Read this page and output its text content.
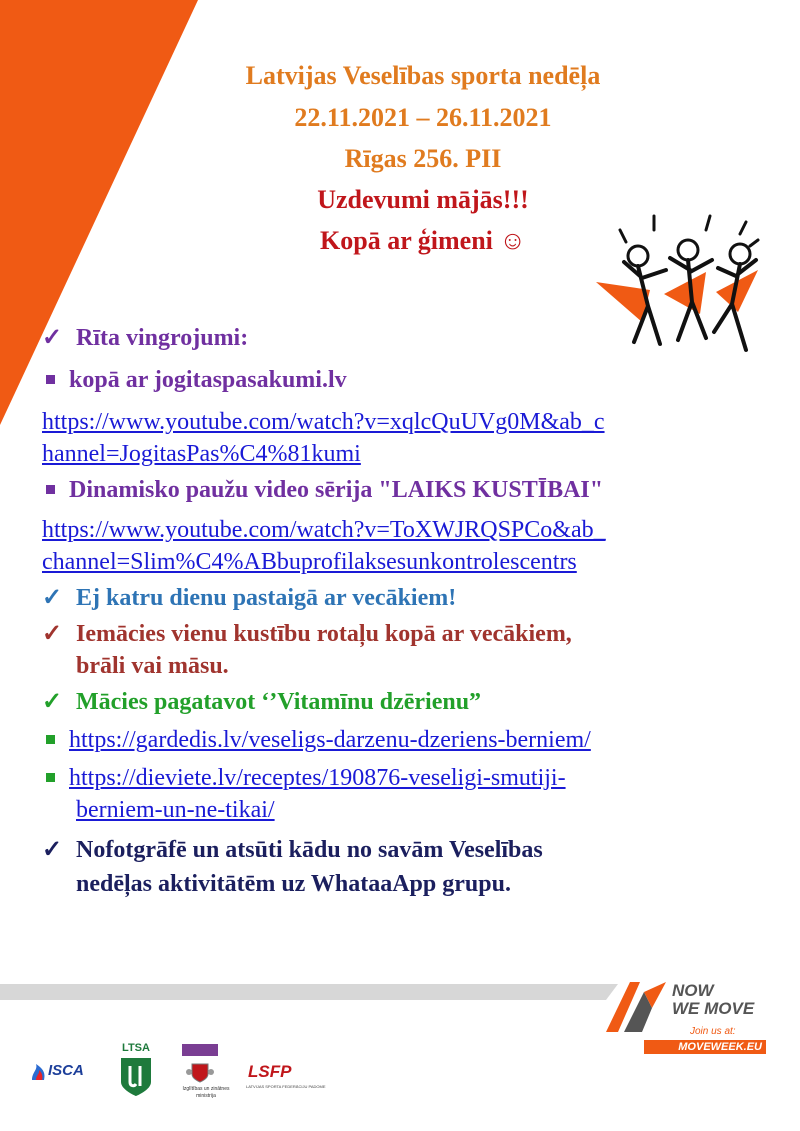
Latvijas Veselības sporta nedēļa
22.11.2021 – 26.11.2021
Rīgas 256. PII
Uzdevumi mājās!!!
Kopā ar ģimeni ☺
✓ Rīta vingrojumi:
kopā ar jogitaspasakumi.lv
https://www.youtube.com/watch?v=xqlcQuUVg0M&ab_c
hannel=JogitasPas%C4%81kumi
Dinamisko paužu video sērija "LAIKS KUSTĪBAI"
https://www.youtube.com/watch?v=ToXWJRQSPCo&ab_
channel=Slim%C4%ABbuprofilaksesunkontrolescentrs
✓ Ej katru dienu pastaigā ar vecākiem!
✓ Iemācies vienu kustību rotaļu kopā ar vecākiem,
brāli vai māsu.
✓ Mācies pagatavot ‘’Vitamīnu dzērienu”
https://gardedis.lv/veseligs-darzenu-dzeriens-berniem/
https://dieviete.lv/receptes/190876-veseligi-smutiji-
berniem-un-ne-tikai/
✓ Nofotgrāfē un atsūti kādu no savām Veselības
nedēļas aktivitātēm uz WhataaApp grupu.
NOW
WE MOVE
Join us at:
MOVEWEEK.EU
ISCA
LTSA
Izglītības un zinātnes
ministrija
LSFP
LATVIJAS SPORTA FEDERĀCIJU PADOME
